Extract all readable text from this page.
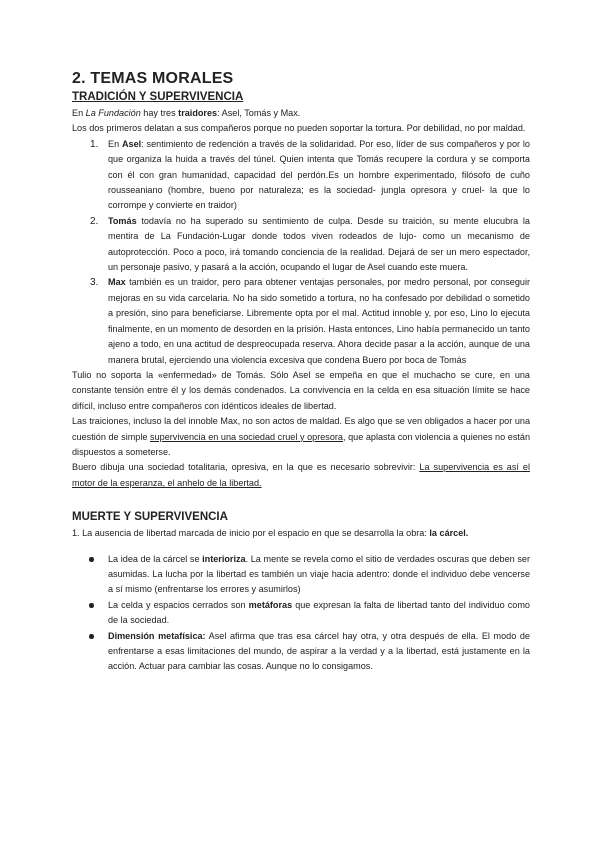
2. TEMAS MORALES
TRADICIÓN Y SUPERVIVENCIA

En La Fundación hay tres traidores: Asel, Tomás y Max.

Los dos primeros delatan a sus compañeros porque no pueden soportar la tortura. Por debilidad, no por maldad.

1. En Asel: sentimiento de redención a través de la solidaridad. Por eso, líder de sus compañeros y por lo que organiza la huida a través del túnel. Quien intenta que Tomás recupere la cordura y se comporta con él con gran humanidad, capacidad del perdón.Es un hombre experimentado, filósofo de cuño rousseaniano (hombre, bueno por naturaleza; es la sociedad- jungla opresora y cruel- la que lo corrompe y convierte en traidor)
2. Tomás todavía no ha superado su sentimiento de culpa. Desde su traición, su mente elucubra la mentira de La Fundación-Lugar donde todos viven rodeados de lujo- como un mecanismo de autoprotección. Poco a poco, irá tomando conciencia de la realidad. Dejará de ser un mero espectador, un personaje pasivo, y pasará a la acción, ocupando el lugar de Asel cuando este muera.
3. Max también es un traidor, pero para obtener ventajas personales, por medro personal, por conseguir mejoras en su vida carcelaria. No ha sido sometido a tortura, no ha confesado por debilidad o sometido a presión, sino para beneficiarse. Libremente opta por el mal. Actitud innoble y, por eso, Lino lo ejecuta finalmente, en un momento de desorden en la prisión. Hasta entonces, Lino había permanecido un tanto ajeno a todo, en una actitud de despreocupada reserva. Ahora decide pasar a la acción, aunque de una manera brutal, ejerciendo una violencia excesiva que condena Buero por boca de Tomás

Tulio no soporta la «enfermedad» de Tomás. Sólo Asel se empeña en que el muchacho se cure, en una constante tensión entre él y los demás condenados. La convivencia en la celda en esa situación límite se hace difícil, incluso entre compañeros con idénticos ideales de libertad.

Las traiciones, incluso la del innoble Max, no son actos de maldad. Es algo que se ven obligados a hacer por una cuestión de simple supervivencia en una sociedad cruel y opresora, que aplasta con violencia a quienes no están dispuestos a someterse.

Buero dibuja una sociedad totalitaria, opresiva, en la que es necesario sobrevivir: La supervivencia es así el motor de la esperanza, el anhelo de la libertad.

MUERTE Y SUPERVIVENCIA

1. La ausencia de libertad marcada de inicio por el espacio en que se desarrolla la obra: la cárcel.

La idea de la cárcel se interioriza. La mente se revela como el sitio de verdades oscuras que deben ser asumidas. La lucha por la libertad es también un viaje hacia adentro: donde el individuo debe vencerse a sí mismo (enfrentarse los errores y asumirlos)
La celda y espacios cerrados son metáforas que expresan la falta de libertad tanto del individuo como de la sociedad.
Dimensión metafísica: Asel afirma que tras esa cárcel hay otra, y otra después de ella. El modo de enfrentarse a esas limitaciones del mundo, de aspirar a la verdad y a la libertad, está justamente en la acción. Actuar para cambiar las cosas. Aunque no lo consigamos.
